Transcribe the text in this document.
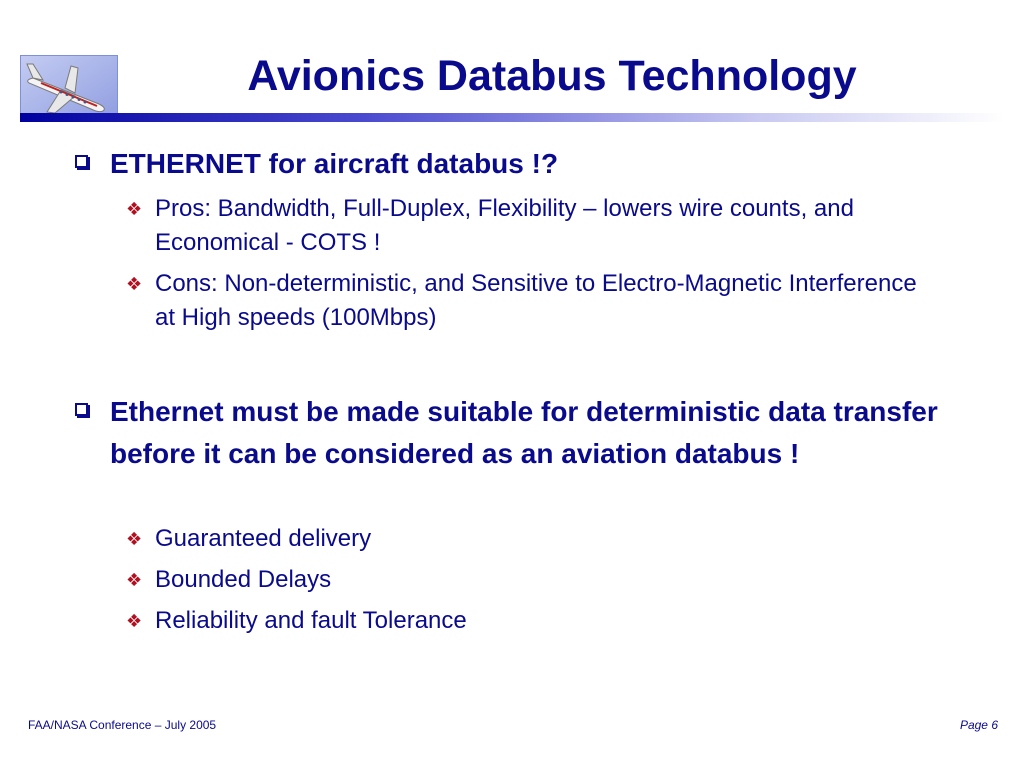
Avionics Databus Technology
ETHERNET for aircraft databus !?
❖ Pros: Bandwidth, Full-Duplex, Flexibility – lowers wire counts, and Economical - COTS !
❖ Cons: Non-deterministic, and Sensitive to Electro-Magnetic Interference at High speeds (100Mbps)
Ethernet must be made suitable for deterministic data transfer before it can be considered as an aviation databus !
❖ Guaranteed delivery
❖ Bounded Delays
❖ Reliability and fault Tolerance
FAA/NASA Conference – July 2005	Page 6
